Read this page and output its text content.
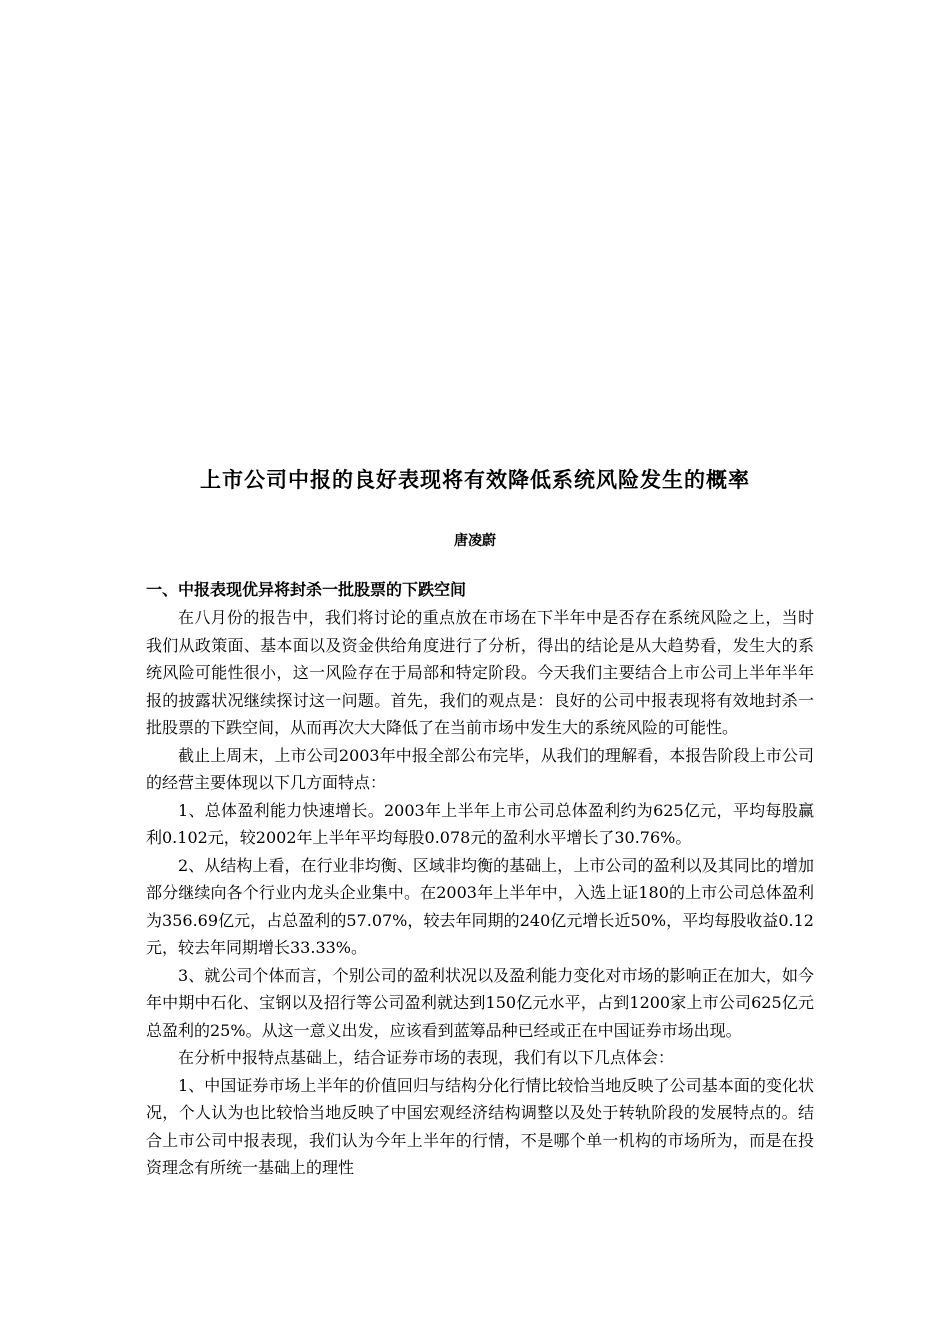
上市公司中报的良好表现将有效降低系统风险发生的概率

唐凌蔚

一、中报表现优异将封杀一批股票的下跌空间

在八月份的报告中，我们将讨论的重点放在市场在下半年中是否存在系统风险之上，当时我们从政策面、基本面以及资金供给角度进行了分析，得出的结论是从大趋势看，发生大的系统风险可能性很小，这一风险存在于局部和特定阶段。今天我们主要结合上市公司上半年半年报的披露状况继续探讨这一问题。首先，我们的观点是：良好的公司中报表现将有效地封杀一批股票的下跌空间，从而再次大大降低了在当前市场中发生大的系统风险的可能性。

截止上周末，上市公司2003年中报全部公布完毕，从我们的理解看，本报告阶段上市公司的经营主要体现以下几方面特点：

1、总体盈利能力快速增长。2003年上半年上市公司总体盈利约为625亿元，平均每股赢利0.102元，较2002年上半年平均每股0.078元的盈利水平增长了30.76%。

2、从结构上看，在行业非均衡、区域非均衡的基础上，上市公司的盈利以及其同比的增加部分继续向各个行业内龙头企业集中。在2003年上半年中，入选上证180的上市公司总体盈利为356.69亿元，占总盈利的57.07%，较去年同期的240亿元增长近50%，平均每股收益0.12元，较去年同期增长33.33%。

3、就公司个体而言，个别公司的盈利状况以及盈利能力变化对市场的影响正在加大，如今年中期中石化、宝钢以及招行等公司盈利就达到150亿元水平，占到1200家上市公司625亿元总盈利的25%。从这一意义出发，应该看到蓝筹品种已经或正在中国证券市场出现。

在分析中报特点基础上，结合证券市场的表现，我们有以下几点体会：

1、中国证券市场上半年的价值回归与结构分化行情比较恰当地反映了公司基本面的变化状况，个人认为也比较恰当地反映了中国宏观经济结构调整以及处于转轨阶段的发展特点的。结合上市公司中报表现，我们认为今年上半年的行情，不是哪个单一机构的市场所为，而是在投资理念有所统一基础上的理性
